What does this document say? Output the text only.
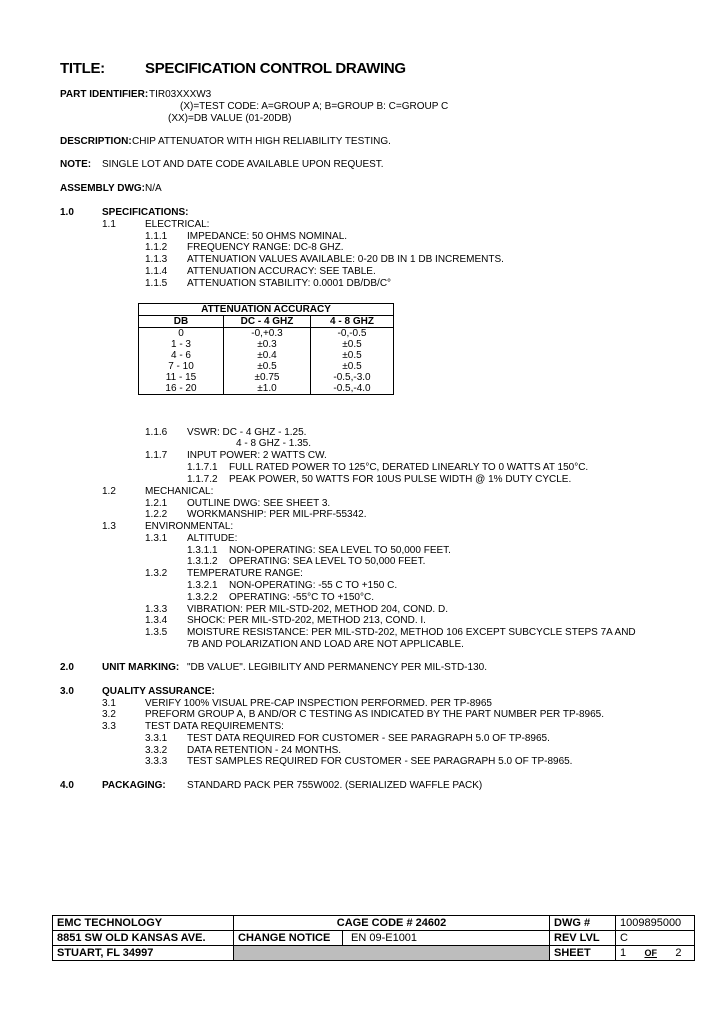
TITLE:	SPECIFICATION CONTROL DRAWING
PART IDENTIFIER: TIR03XXXW3
(X)=TEST CODE: A=GROUP A; B=GROUP B: C=GROUP C
(XX)=DB VALUE (01-20DB)
DESCRIPTION: CHIP ATTENUATOR WITH HIGH RELIABILITY TESTING.
NOTE: SINGLE LOT AND DATE CODE AVAILABLE UPON REQUEST.
ASSEMBLY DWG: N/A
1.0	SPECIFICATIONS:
1.1	ELECTRICAL:
1.1.1 IMPEDANCE: 50 OHMS NOMINAL.
1.1.2 FREQUENCY RANGE: DC-8 GHZ.
1.1.3 ATTENUATION VALUES AVAILABLE: 0-20 DB IN 1 DB INCREMENTS.
1.1.4 ATTENUATION ACCURACY: SEE TABLE.
1.1.5 ATTENUATION STABILITY: 0.0001 DB/DB/C°
ATTENUATION ACCURACY		
DB	DC - 4 GHZ	4 - 8 GHZ
0	-0,+0.3	-0,-0.5
1 - 3	±0.3	±0.5
4 - 6	±0.4	±0.5
7 - 10	±0.5	±0.5
11 - 15	±0.75	-0.5,-3.0
16 - 20	±1.0	-0.5,-4.0
1.1.6 VSWR: DC - 4 GHZ - 1.25.
4 - 8 GHZ - 1.35.
1.1.7 INPUT POWER: 2 WATTS CW.
1.1.7.1 FULL RATED POWER TO 125°C, DERATED LINEARLY TO 0 WATTS AT 150°C.
1.1.7.2 PEAK POWER, 50 WATTS FOR 10US PULSE WIDTH @ 1% DUTY CYCLE.
1.2	MECHANICAL:
1.2.1 OUTLINE DWG: SEE SHEET 3.
1.2.2 WORKMANSHIP: PER MIL-PRF-55342.
1.3	ENVIRONMENTAL:
1.3.1 ALTITUDE:
1.3.1.1 NON-OPERATING: SEA LEVEL TO 50,000 FEET.
1.3.1.2 OPERATING: SEA LEVEL TO 50,000 FEET.
1.3.2 TEMPERATURE RANGE:
1.3.2.1 NON-OPERATING: -55 C TO +150 C.
1.3.2.2 OPERATING: -55°C TO +150°C.
1.3.3 VIBRATION: PER MIL-STD-202, METHOD 204, COND. D.
1.3.4 SHOCK: PER MIL-STD-202, METHOD 213, COND. I.
1.3.5 MOISTURE RESISTANCE: PER MIL-STD-202, METHOD 106 EXCEPT SUBCYCLE STEPS 7A AND
7B AND POLARIZATION AND LOAD ARE NOT APPLICABLE.
2.0	UNIT MARKING: "DB VALUE". LEGIBILITY AND PERMANENCY PER MIL-STD-130.
3.0	QUALITY ASSURANCE:
3.1	VERIFY 100% VISUAL PRE-CAP INSPECTION PERFORMED. PER TP-8965
3.2	PREFORM GROUP A, B AND/OR C TESTING AS INDICATED BY THE PART NUMBER PER TP-8965.
3.3	TEST DATA REQUIREMENTS:
3.3.1 TEST DATA REQUIRED FOR CUSTOMER - SEE PARAGRAPH 5.0 OF TP-8965.
3.3.2 DATA RETENTION - 24 MONTHS.
3.3.3 TEST SAMPLES REQUIRED FOR CUSTOMER - SEE PARAGRAPH 5.0 OF TP-8965.
4.0	PACKAGING: STANDARD PACK PER 755W002. (SERIALIZED WAFFLE PACK)
EMC TECHNOLOGY	CAGE CODE # 24602		DWG #	1009895000
8851 SW OLD KANSAS AVE.	CHANGE NOTICE	EN 09-E1001	REV LVL	C
STUART, FL 34997			SHEET	1 OF 2
